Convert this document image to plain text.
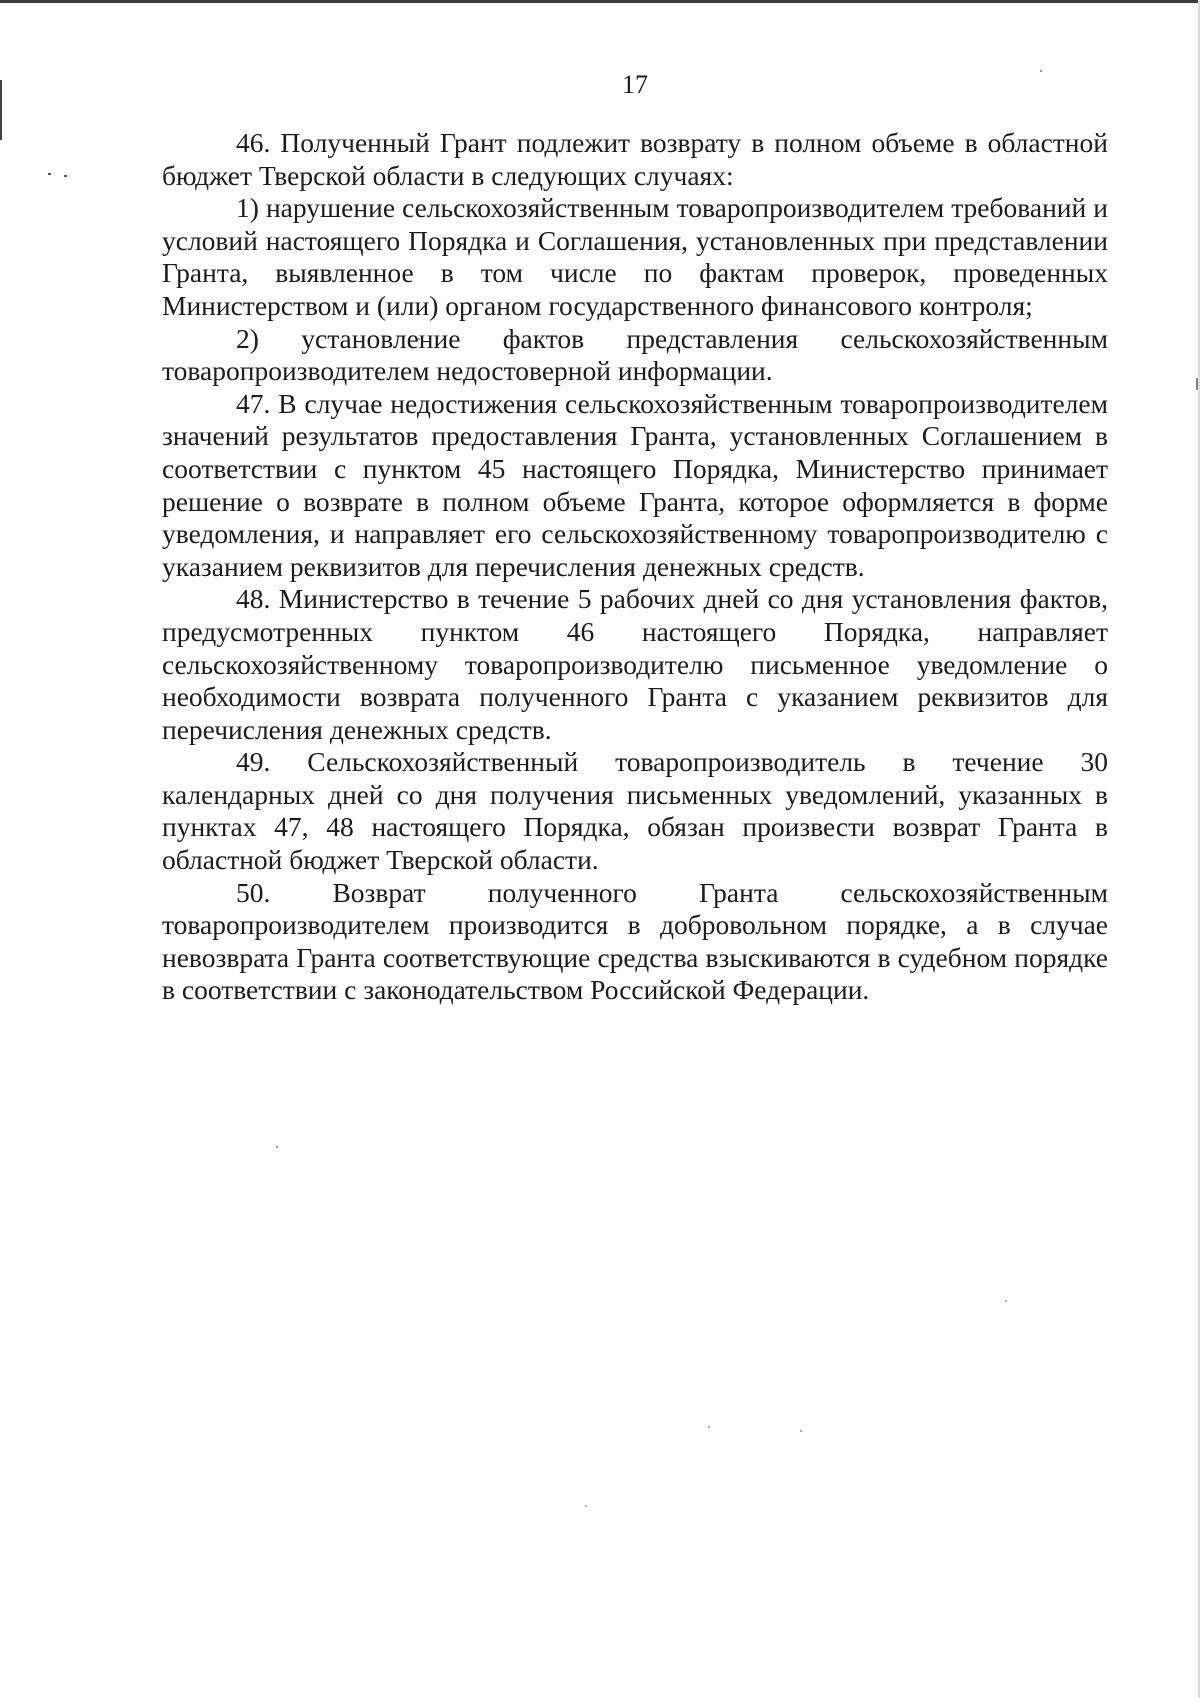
17
46. Полученный Грант подлежит возврату в полном объеме в областной бюджет Тверской области в следующих случаях:
1) нарушение сельскохозяйственным товаропроизводителем требований и условий настоящего Порядка и Соглашения, установленных при представлении Гранта, выявленное в том числе по фактам проверок, проведенных Министерством и (или) органом государственного финансового контроля;
2) установление фактов представления сельскохозяйственным товаропроизводителем недостоверной информации.
47. В случае недостижения сельскохозяйственным товаропроизводителем значений результатов предоставления Гранта, установленных Соглашением в соответствии с пунктом 45 настоящего Порядка, Министерство принимает решение о возврате в полном объеме Гранта, которое оформляется в форме уведомления, и направляет его сельскохозяйственному товаропроизводителю с указанием реквизитов для перечисления денежных средств.
48. Министерство в течение 5 рабочих дней со дня установления фактов, предусмотренных пунктом 46 настоящего Порядка, направляет сельскохозяйственному товаропроизводителю письменное уведомление о необходимости возврата полученного Гранта с указанием реквизитов для перечисления денежных средств.
49. Сельскохозяйственный товаропроизводитель в течение 30 календарных дней со дня получения письменных уведомлений, указанных в пунктах 47, 48 настоящего Порядка, обязан произвести возврат Гранта в областной бюджет Тверской области.
50. Возврат полученного Гранта сельскохозяйственным товаропроизводителем производится в добровольном порядке, а в случае невозврата Гранта соответствующие средства взыскиваются в судебном порядке в соответствии с законодательством Российской Федерации.
